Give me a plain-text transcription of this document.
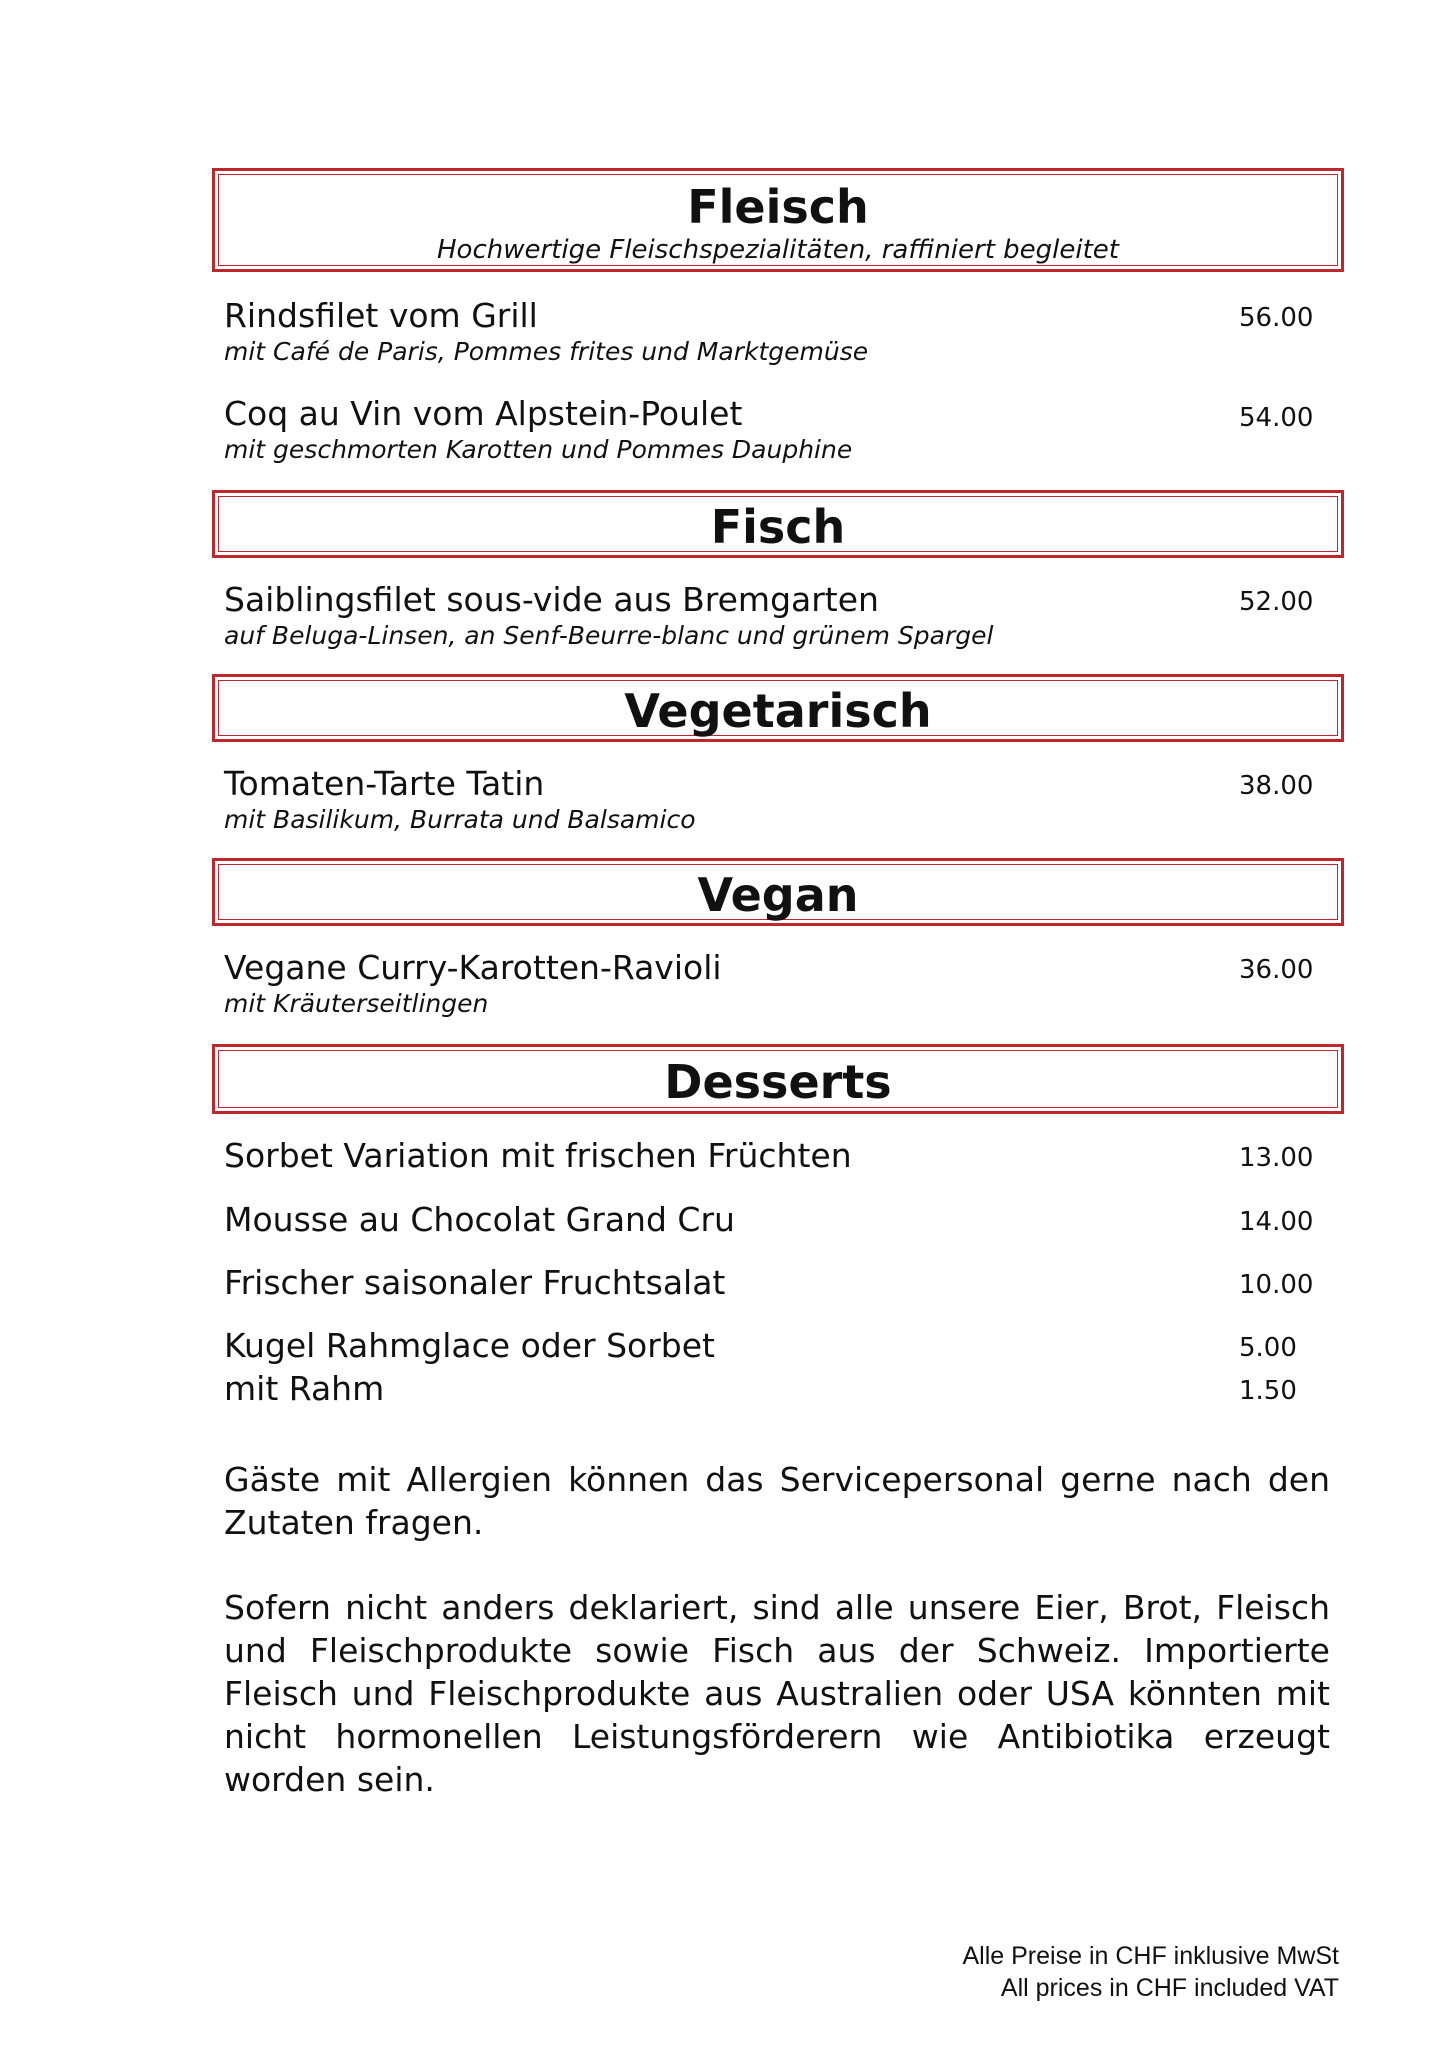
Fleisch
Hochwertige Fleischspezialitäten, raffiniert begleitet
Rindsfilet vom Grill
mit Café de Paris, Pommes frites und Marktgemüse
56.00
Coq au Vin vom Alpstein-Poulet
mit geschmorten Karotten und Pommes Dauphine
54.00
Fisch
Saiblingsfilet sous-vide aus Bremgarten
auf Beluga-Linsen, an Senf-Beurre-blanc und grünem Spargel
52.00
Vegetarisch
Tomaten-Tarte Tatin
mit Basilikum, Burrata und Balsamico
38.00
Vegan
Vegane Curry-Karotten-Ravioli
mit Kräuterseitlingen
36.00
Desserts
Sorbet Variation mit frischen Früchten	13.00
Mousse au Chocolat Grand Cru	14.00
Frischer saisonaler Fruchtsalat	10.00
Kugel Rahmglace oder Sorbet	5.00
mit Rahm	1.50
Gäste mit Allergien können das Servicepersonal gerne nach den Zutaten fragen.
Sofern nicht anders deklariert, sind alle unsere Eier, Brot, Fleisch und Fleischprodukte sowie Fisch aus der Schweiz. Importierte Fleisch und Fleischprodukte aus Australien oder USA könnten mit nicht hormonellen Leistungsförderern wie Antibiotika erzeugt worden sein.
Alle Preise in CHF inklusive MwSt
All prices in CHF included VAT
